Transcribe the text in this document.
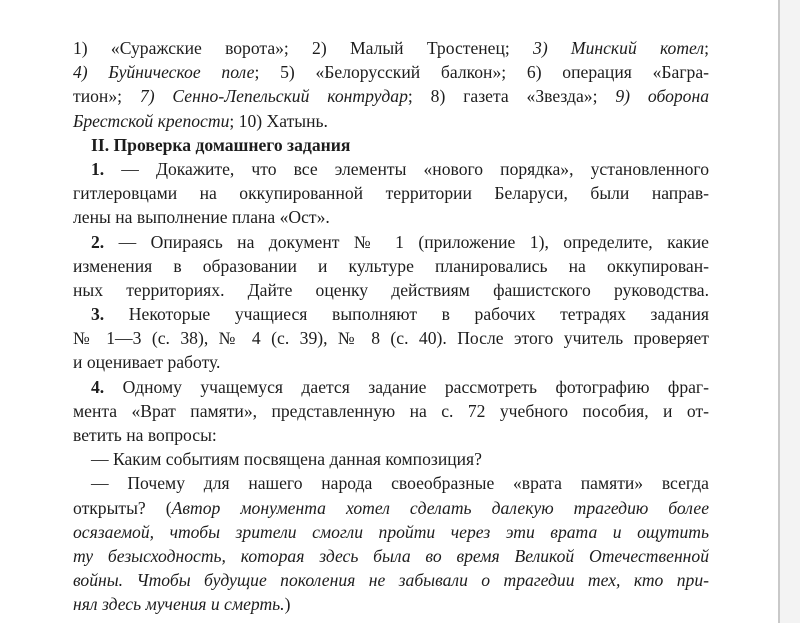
1) «Суражские ворота»; 2) Малый Тростенец; 3) Минский котел;
4) Буйническое поле; 5) «Белорусский балкон»; 6) операция «Багра-
тион»; 7) Сенно-Лепельский контрудар; 8) газета «Звезда»; 9) оборона
Брестской крепости; 10) Хатынь.
II. Проверка домашнего задания
1. — Докажите, что все элементы «нового порядка», установленного
гитлеровцами на оккупированной территории Беларуси, были направ-
лены на выполнение плана «Ост».
2. — Опираясь на документ № 1 (приложение 1), определите, какие
изменения в образовании и культуре планировались на оккупирован-
ных территориях. Дайте оценку действиям фашистского руководства.
3. Некоторые учащиеся выполняют в рабочих тетрадях задания
№ 1—3 (с. 38), № 4 (с. 39), № 8 (с. 40). После этого учитель проверяет
и оценивает работу.
4. Одному учащемуся дается задание рассмотреть фотографию фраг-
мента «Врат памяти», представленную на с. 72 учебного пособия, и от-
ветить на вопросы:
— Каким событиям посвящена данная композиция?
— Почему для нашего народа своеобразные «врата памяти» всегда
открыты? (Автор монумента хотел сделать далекую трагедию более
осязаемой, чтобы зрители смогли пройти через эти врата и ощутить
ту безысходность, которая здесь была во время Великой Отечественной
войны. Чтобы будущие поколения не забывали о трагедии тех, кто при-
нял здесь мучения и смерть.)
